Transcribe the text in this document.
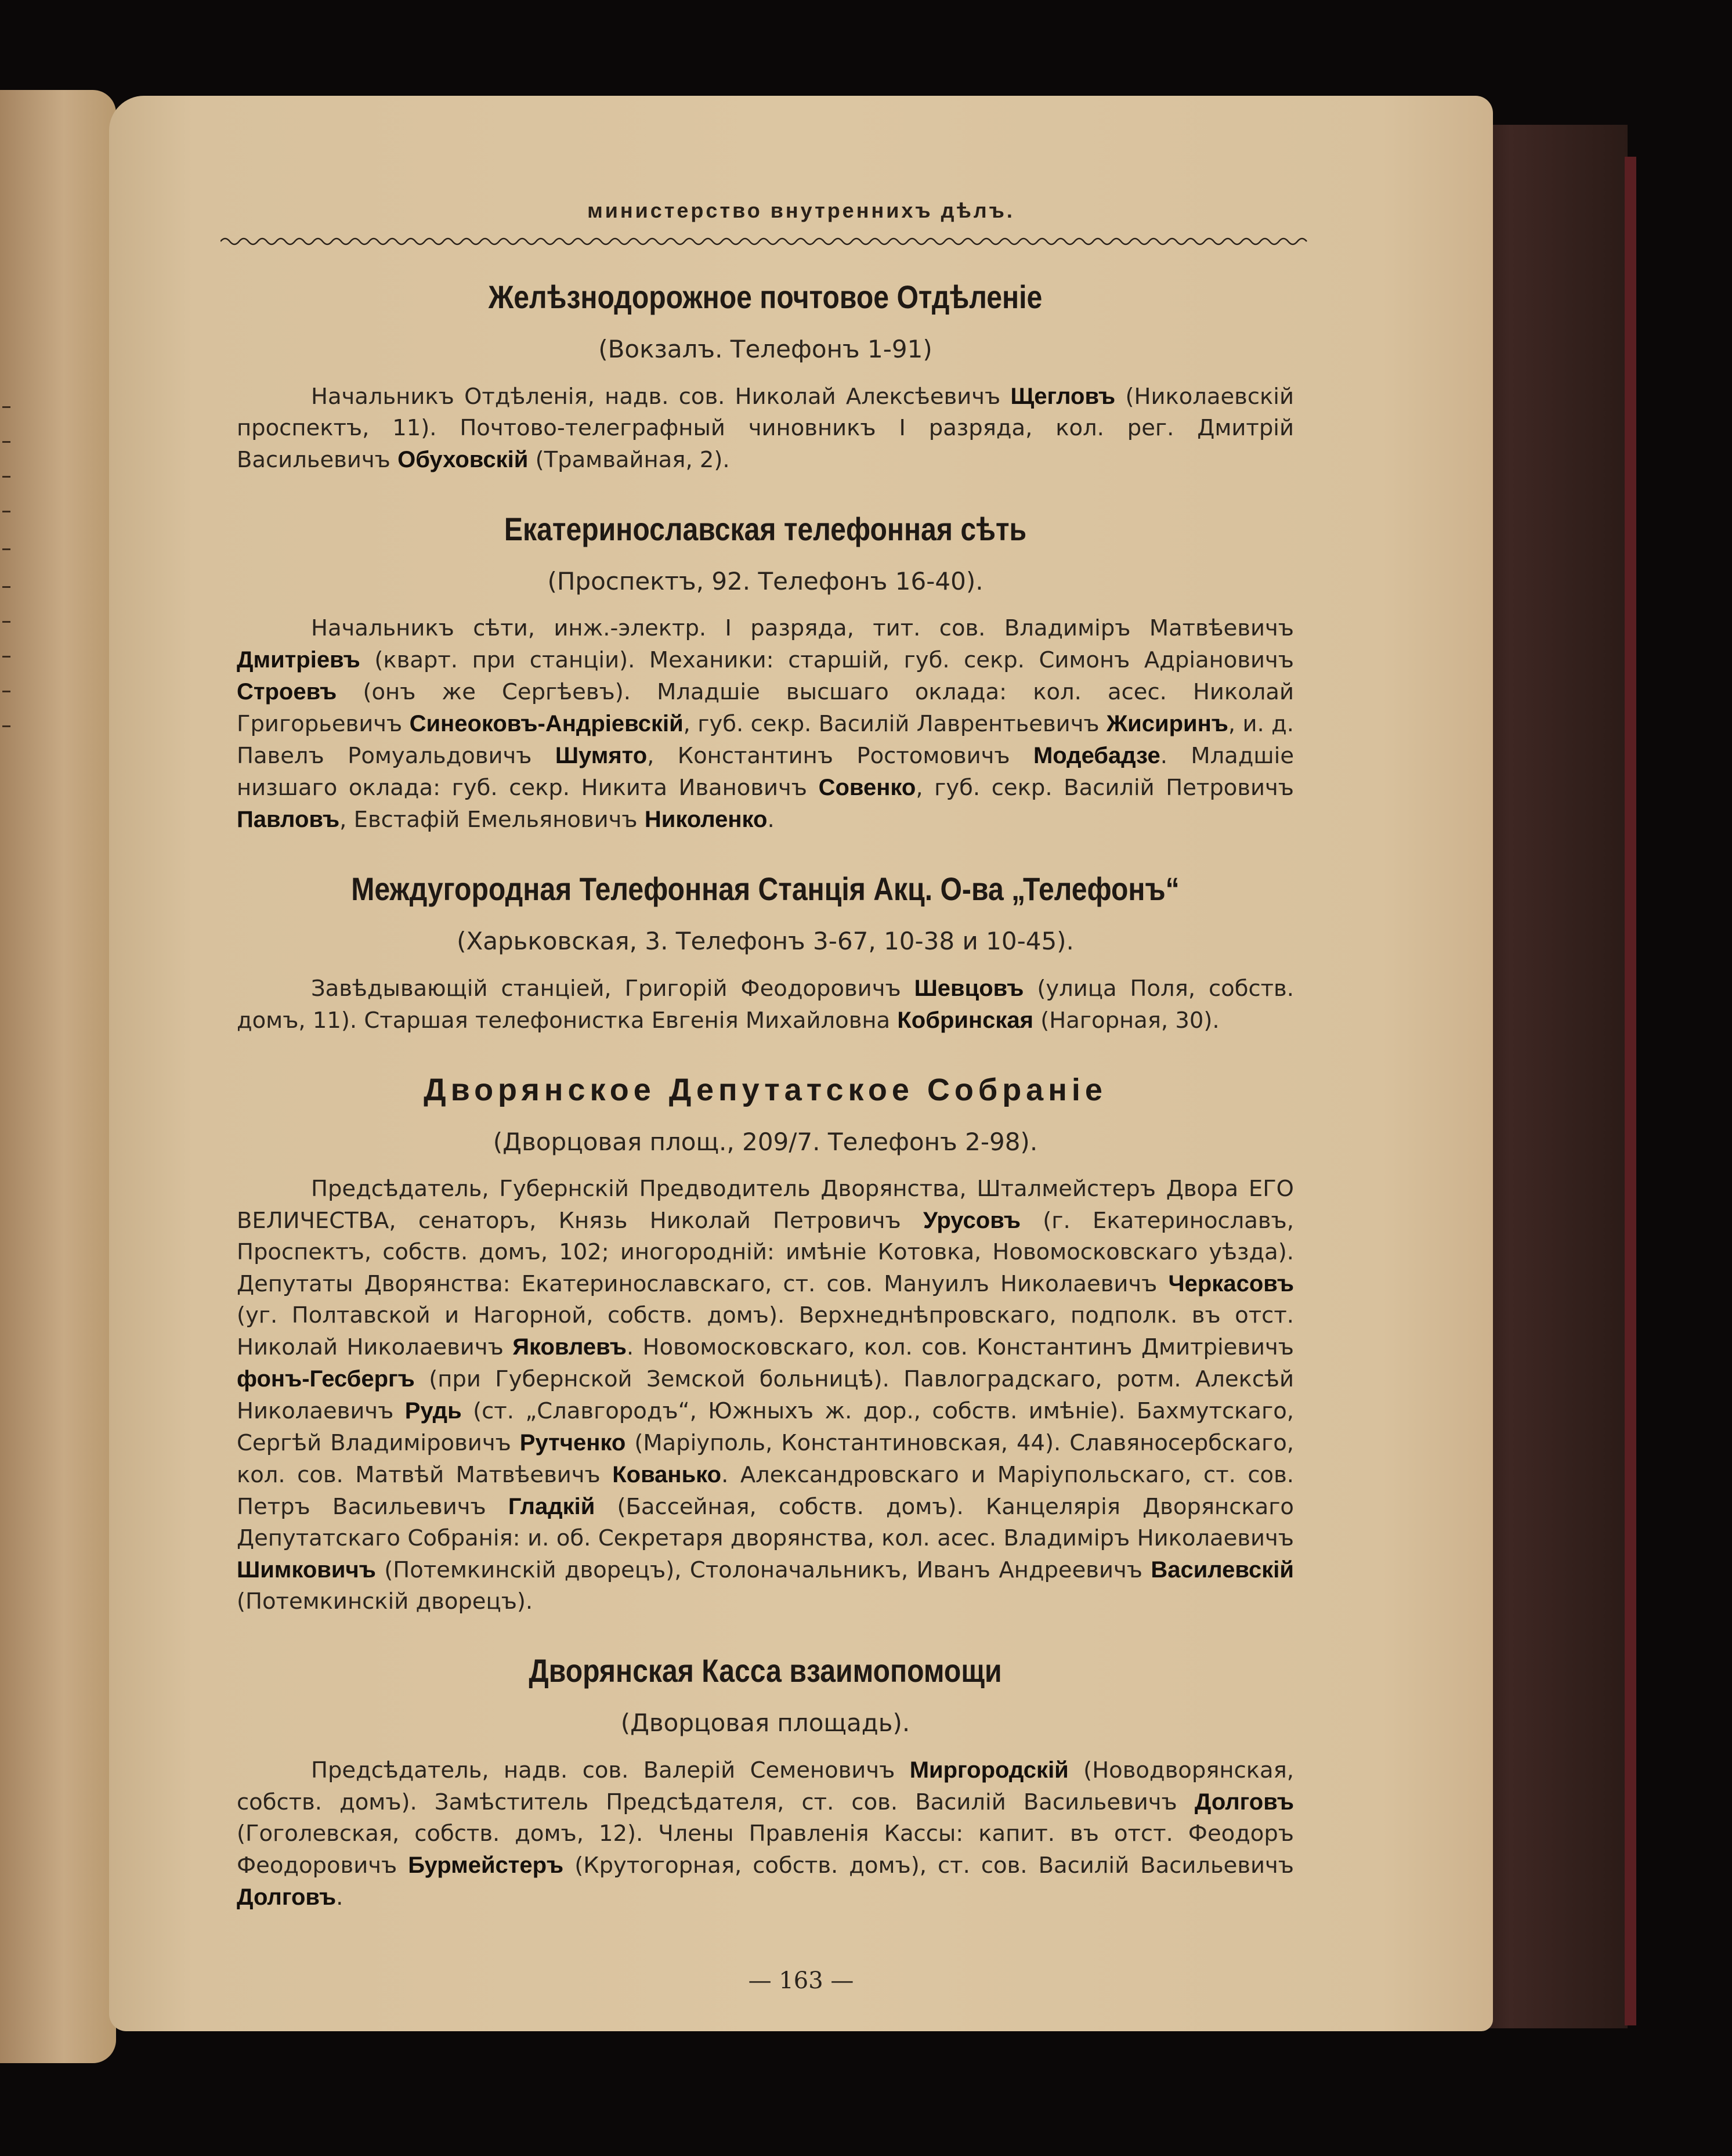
министерство внутреннихъ дѣлъ.
Желѣзнодорожное почтовое Отдѣленіе
(Вокзалъ. Телефонъ 1-91)

Начальникъ Отдѣленія, надв. сов. Николай Алексѣевичъ Щегловъ (Николаевскій проспектъ, 11). Почтово-телеграфный чиновникъ I разряда, кол. рег. Дмитрій Васильевичъ Обуховскій (Трамвайная, 2).

Екатеринославская телефонная сѣть
(Проспектъ, 92. Телефонъ 16-40).

Начальникъ сѣти, инж.-электр. I разряда, тит. сов. Владиміръ Матвѣевичъ Дмитріевъ (кварт. при станціи). Механики: старшій, губ. секр. Симонъ Адріановичъ Строевъ (онъ же Сергѣевъ). Младшіе высшаго оклада: кол. асес. Николай Григорьевичъ Синеоковъ-Андріевскій, губ. секр. Василій Лаврентьевичъ Жисиринъ, и. д. Павелъ Ромуальдовичъ Шумято, Константинъ Ростомовичъ Модебадзе. Младшіе низшаго оклада: губ. секр. Никита Ивановичъ Совенко, губ. секр. Василій Петровичъ Павловъ, Евстафій Емельяновичъ Николенко.

Междугородная Телефонная Станція Акц. О-ва „Телефонъ“
(Харьковская, 3. Телефонъ 3-67, 10-38 и 10-45).

Завѣдывающій станціей, Григорій Феодоровичъ Шевцовъ (улица Поля, собств. домъ, 11). Старшая телефонистка Евгенія Михайловна Кобринская (Нагорная, 30).

Дворянское Депутатское Собраніе
(Дворцовая площ., 209/7. Телефонъ 2-98).

Предсѣдатель, Губернскій Предводитель Дворянства, Шталмейстеръ Двора ЕГО ВЕЛИЧЕСТВА, сенаторъ, Князь Николай Петровичъ Урусовъ (г. Екатеринославъ, Проспектъ, собств. домъ, 102; иногородній: имѣніе Котовка, Новомосковскаго уѣзда). Депутаты Дворянства: Екатеринославскаго, ст. сов. Мануилъ Николаевичъ Черкасовъ (уг. Полтавской и Нагорной, собств. домъ). Верхнеднѣпровскаго, подполк. въ отст. Николай Николаевичъ Яковлевъ. Новомосковскаго, кол. сов. Константинъ Дмитріевичъ фонъ-Гесбергъ (при Губернской Земской больницѣ). Павлоградскаго, ротм. Алексѣй Николаевичъ Рудь (ст. „Славгородъ“, Южныхъ ж. дор., собств. имѣніе). Бахмутскаго, Сергѣй Владиміровичъ Рутченко (Маріуполь, Константиновская, 44). Славяносербскаго, кол. сов. Матвѣй Матвѣевичъ Кованько. Александровскаго и Маріупольскаго, ст. сов. Петръ Васильевичъ Гладкій (Бассейная, собств. домъ). Канцелярія Дворянскаго Депутатскаго Собранія: и. об. Секретаря дворянства, кол. асес. Владиміръ Николаевичъ Шимковичъ (Потемкинскій дворецъ), Столоначальникъ, Иванъ Андреевичъ Василевскій (Потемкинскій дворецъ).

Дворянская Касса взаимопомощи
(Дворцовая площадь).

Предсѣдатель, надв. сов. Валерій Семеновичъ Миргородскій (Новодворянская, собств. домъ). Замѣститель Предсѣдателя, ст. сов. Василій Васильевичъ Долговъ (Гоголевская, собств. домъ, 12). Члены Правленія Кассы: капит. въ отст. Феодоръ Феодоровичъ Бурмейстеръ (Крутогорная, собств. домъ), ст. сов. Василій Васильевичъ Долговъ.

— 163 —
